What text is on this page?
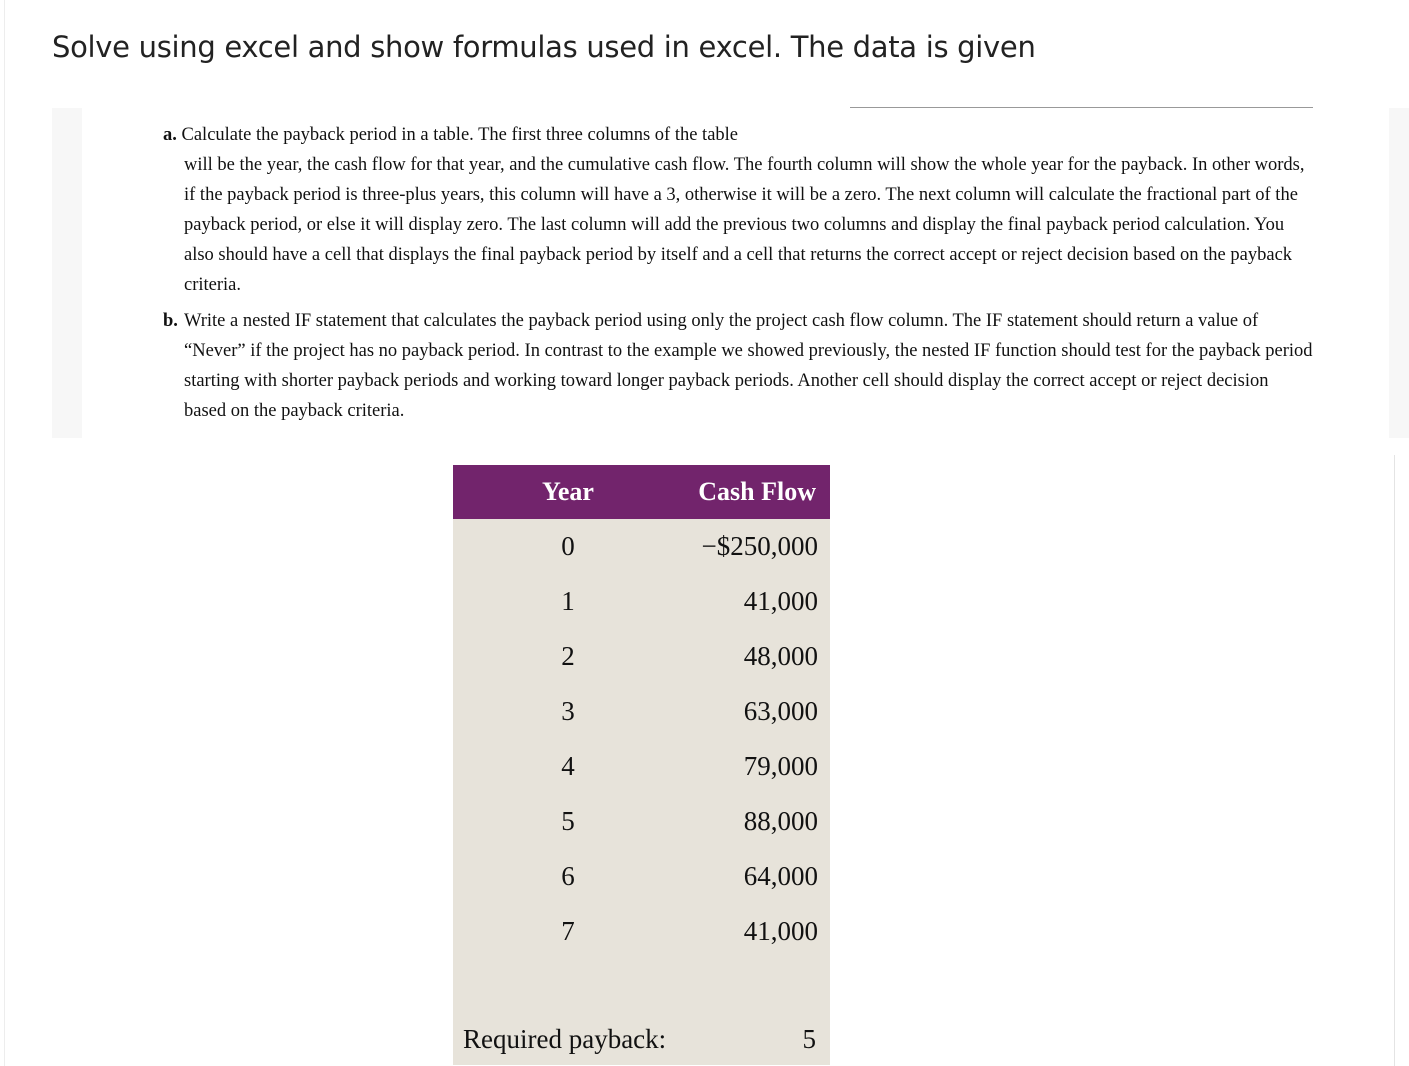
Solve using excel and show formulas used in excel. The data is given
a. Calculate the payback period in a table. The first three columns of the table
will be the year, the cash flow for that year, and the cumulative cash flow. The fourth column will show the whole year for the payback. In other words, if the payback period is three-plus years, this column will have a 3, otherwise it will be a zero. The next column will calculate the fractional part of the payback period, or else it will display zero. The last column will add the previous two columns and display the final payback period calculation. You also should have a cell that displays the final payback period by itself and a cell that returns the correct accept or reject decision based on the payback criteria.
b. Write a nested IF statement that calculates the payback period using only the project cash flow column. The IF statement should return a value of “Never” if the project has no payback period. In contrast to the example we showed previously, the nested IF function should test for the payback period starting with shorter payback periods and working toward longer payback periods. Another cell should display the correct accept or reject decision based on the payback criteria.
Year	Cash Flow
0	−$250,000
1	41,000
2	48,000
3	63,000
4	79,000
5	88,000
6	64,000
7	41,000

Required payback:	5
